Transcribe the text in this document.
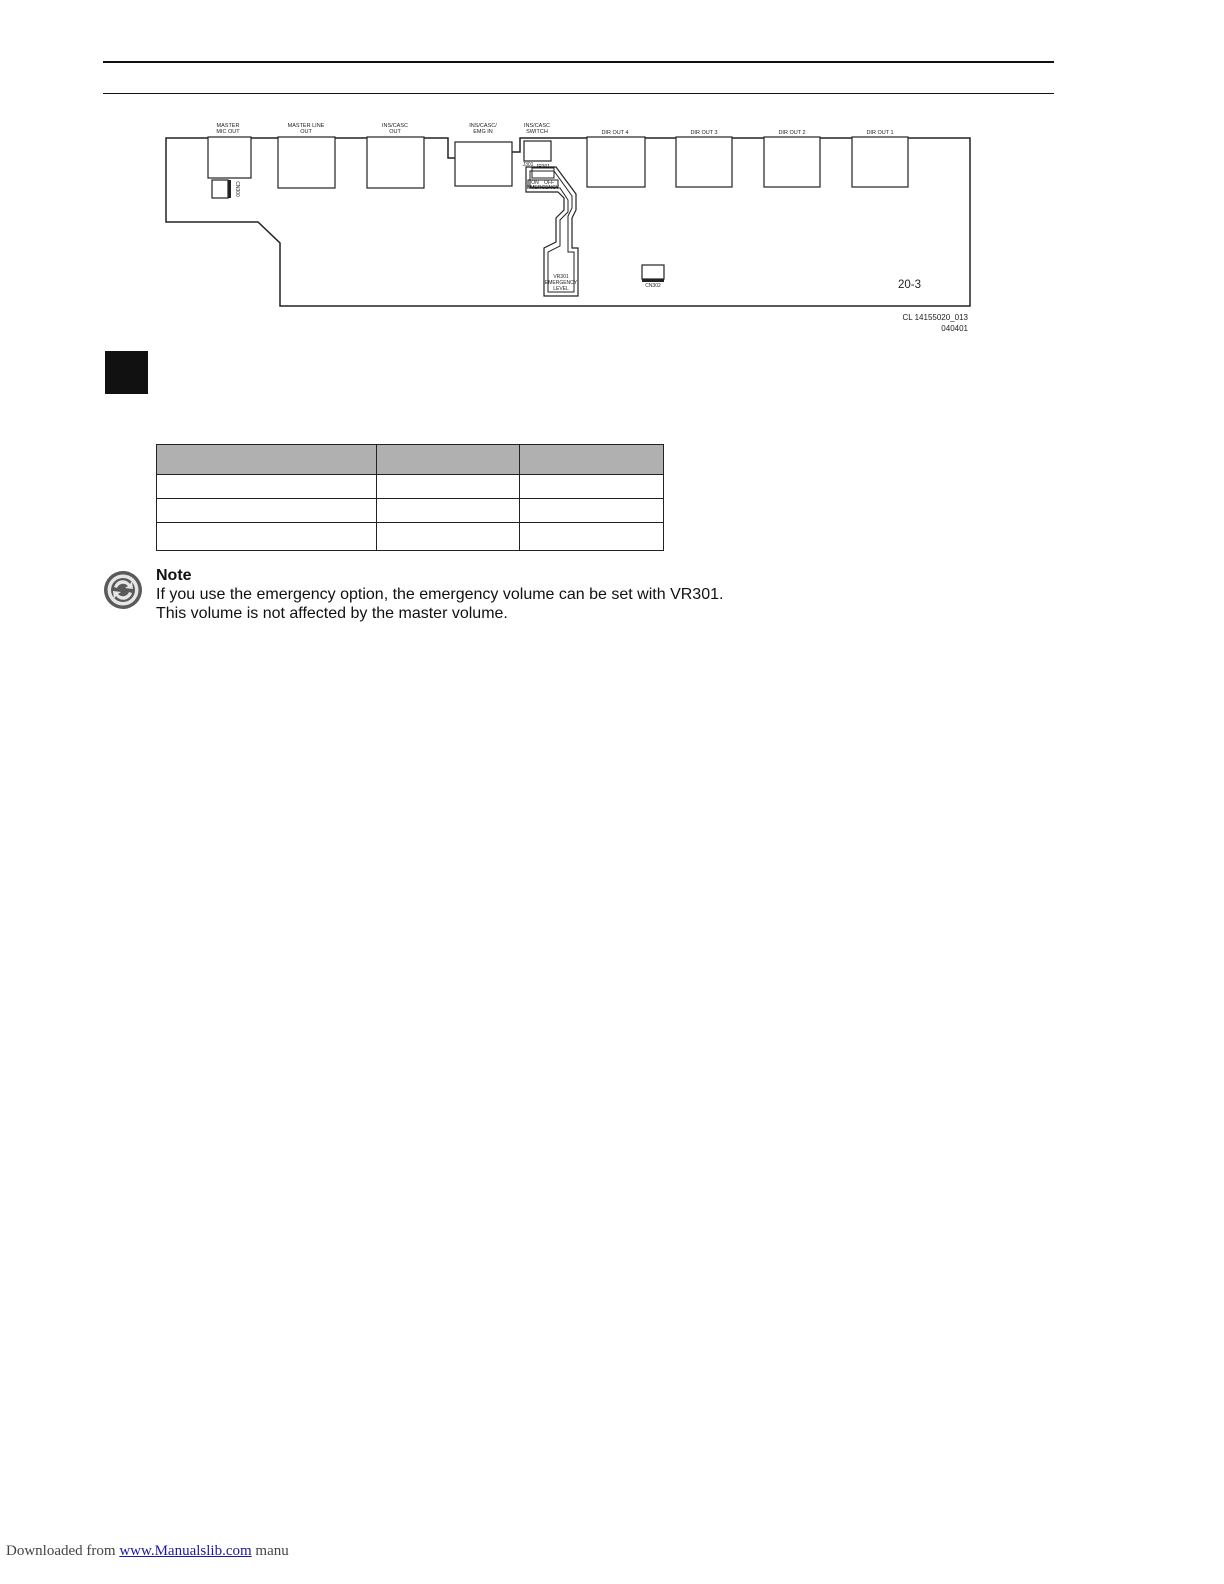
MASTER
MIC OUT
MASTER LINE
OUT
INS/CASC
OUT
INS/CASC/
EMG IN
INS/CASC
SWITCH	DIR OUT 4	DIR OUT 3	DIR OUT 2	DIR OUT 1
CN300
J301 JP301
ON OFF
EMERGENCY
VR301
EMERGENCY
LEVEL	CN302	20-3
CL 14155020_013
040401

Note
If you use the emergency option, the emergency volume can be set with VR301.
This volume is not affected by the master volume.
Downloaded from www.Manualslib.com manu
